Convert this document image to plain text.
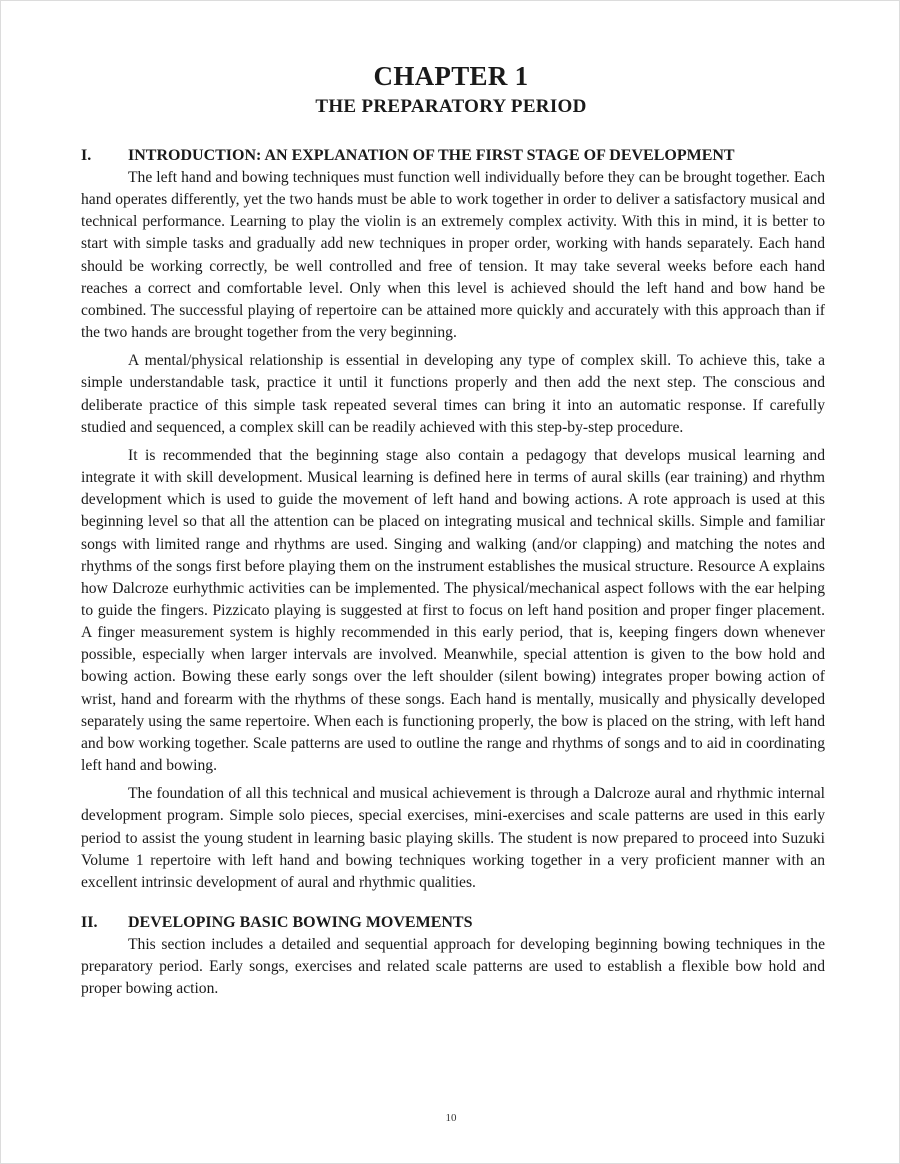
CHAPTER 1
THE PREPARATORY PERIOD
I. INTRODUCTION: AN EXPLANATION OF THE FIRST STAGE OF DEVELOPMENT

The left hand and bowing techniques must function well individually before they can be brought together. Each hand operates differently, yet the two hands must be able to work together in order to deliver a satisfactory musical and technical performance. Learning to play the violin is an extremely complex activity. With this in mind, it is better to start with simple tasks and gradually add new techniques in proper order, working with hands separately. Each hand should be working correctly, be well controlled and free of tension. It may take several weeks before each hand reaches a correct and comfortable level. Only when this level is achieved should the left hand and bow hand be combined. The successful playing of repertoire can be attained more quickly and accurately with this approach than if the two hands are brought together from the very beginning.

A mental/physical relationship is essential in developing any type of complex skill. To achieve this, take a simple understandable task, practice it until it functions properly and then add the next step. The conscious and deliberate practice of this simple task repeated several times can bring it into an automatic response. If carefully studied and sequenced, a complex skill can be readily achieved with this step-by-step procedure.

It is recommended that the beginning stage also contain a pedagogy that develops musical learning and integrate it with skill development. Musical learning is defined here in terms of aural skills (ear training) and rhythm development which is used to guide the movement of left hand and bowing actions. A rote approach is used at this beginning level so that all the attention can be placed on integrating musical and technical skills. Simple and familiar songs with limited range and rhythms are used. Singing and walking (and/or clapping) and matching the notes and rhythms of the songs first before playing them on the instrument establishes the musical structure. Resource A explains how Dalcroze eurhythmic activities can be implemented. The physical/mechanical aspect follows with the ear helping to guide the fingers. Pizzicato playing is suggested at first to focus on left hand position and proper finger placement. A finger measurement system is highly recommended in this early period, that is, keeping fingers down whenever possible, especially when larger intervals are involved. Meanwhile, special attention is given to the bow hold and bowing action. Bowing these early songs over the left shoulder (silent bowing) integrates proper bowing action of wrist, hand and forearm with the rhythms of these songs. Each hand is mentally, musically and physically developed separately using the same repertoire. When each is functioning properly, the bow is placed on the string, with left hand and bow working together. Scale patterns are used to outline the range and rhythms of songs and to aid in coordinating left hand and bowing.

The foundation of all this technical and musical achievement is through a Dalcroze aural and rhythmic internal development program. Simple solo pieces, special exercises, mini-exercises and scale patterns are used in this early period to assist the young student in learning basic playing skills. The student is now prepared to proceed into Suzuki Volume 1 repertoire with left hand and bowing techniques working together in a very proficient manner with an excellent intrinsic development of aural and rhythmic qualities.

II. DEVELOPING BASIC BOWING MOVEMENTS

This section includes a detailed and sequential approach for developing beginning bowing techniques in the preparatory period. Early songs, exercises and related scale patterns are used to establish a flexible bow hold and proper bowing action.

10
